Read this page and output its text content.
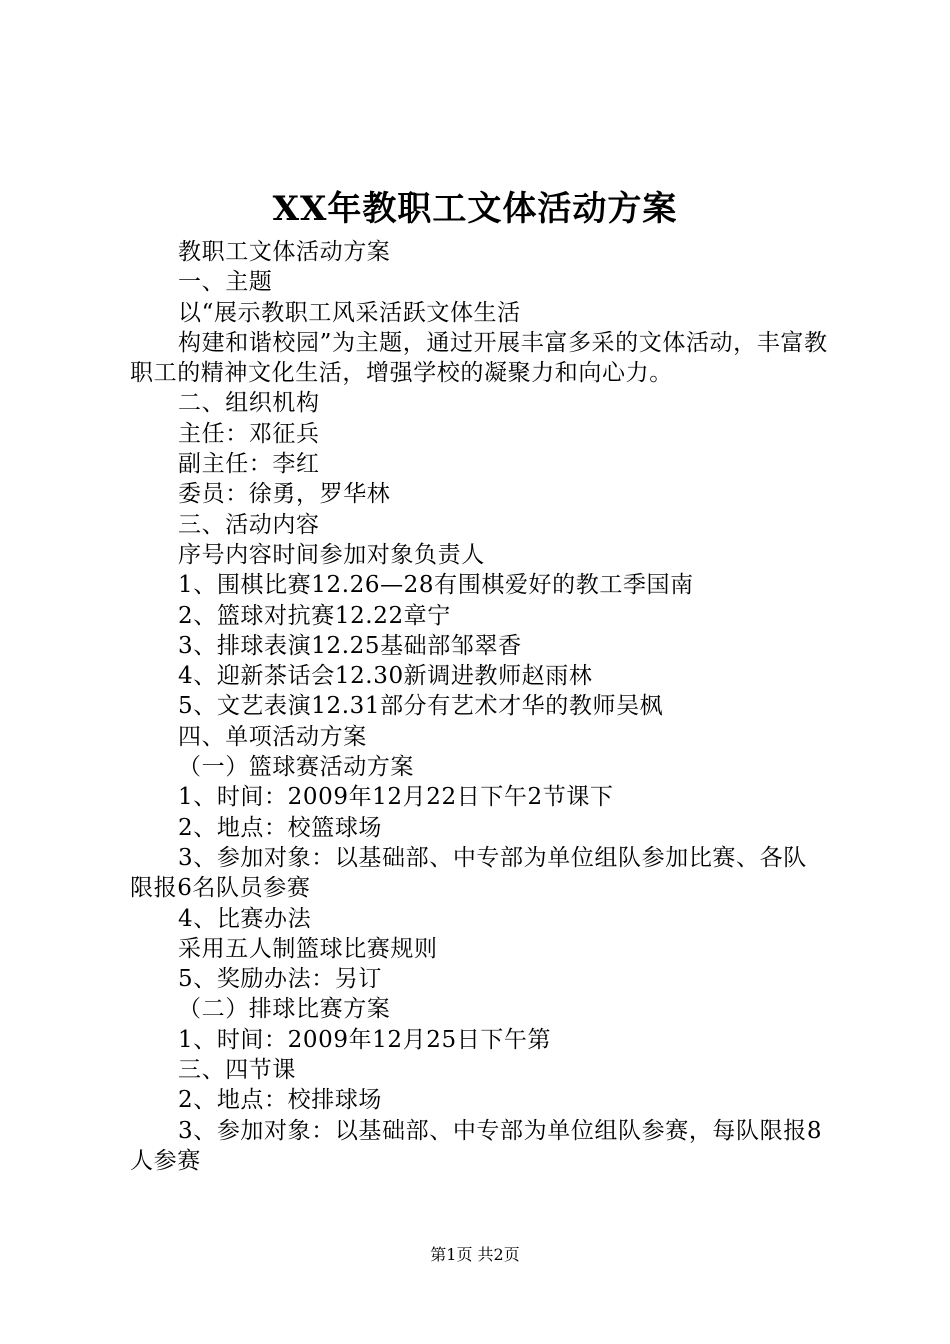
XX年教职工文体活动方案

教职工文体活动方案

一、主题

以“展示教职工风采活跃文体生活

构建和谐校园”为主题，通过开展丰富多采的文体活动，丰富教职工的精神文化生活，增强学校的凝聚力和向心力。

二、组织机构

主任：邓征兵

副主任：李红

委员：徐勇，罗华林

三、活动内容

序号内容时间参加对象负责人

1、围棋比赛12.26—28有围棋爱好的教工季国南

2、篮球对抗赛12.22章宁

3、排球表演12.25基础部邹翠香

4、迎新茶话会12.30新调进教师赵雨林

5、文艺表演12.31部分有艺术才华的教师吴枫

四、单项活动方案

（一）篮球赛活动方案

1、时间：2009年12月22日下午2节课下

2、地点：校篮球场

3、参加对象：以基础部、中专部为单位组队参加比赛、各队限报6名队员参赛

4、比赛办法

采用五人制篮球比赛规则

5、奖励办法：另订

（二）排球比赛方案

1、时间：2009年12月25日下午第

三、四节课

2、地点：校排球场

3、参加对象：以基础部、中专部为单位组队参赛，每队限报8人参赛

第1页 共2页
